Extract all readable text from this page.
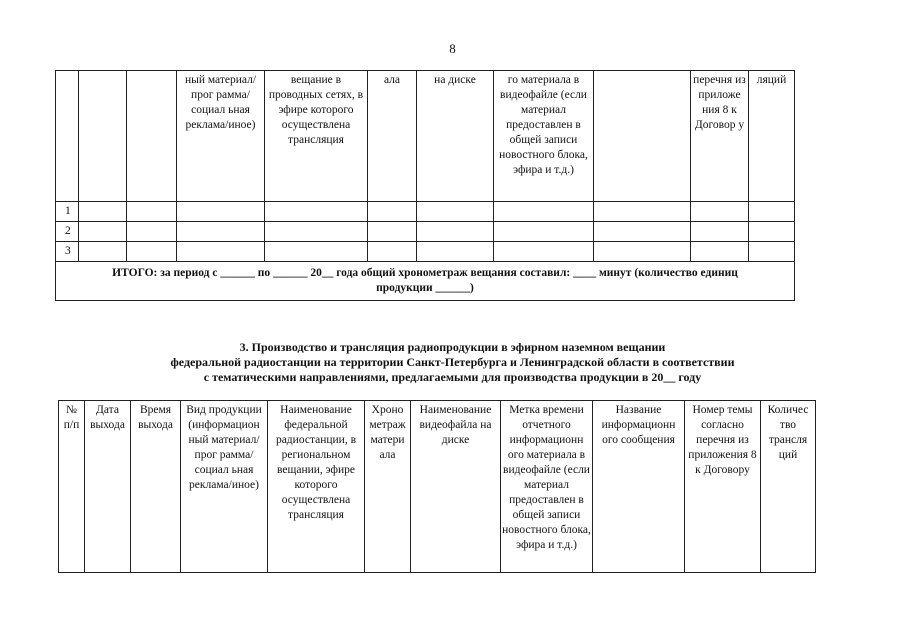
8
			ный материал/прог рамма/социал ьная реклама/иное)	вещание в проводных сетях, в эфире которого осуществлена трансляция	ала	на диске	го материала в видеофайле (если материал предоставлен в общей записи новостного блока, эфира и т.д.)		перечня из приложе ния 8 к Договор у	ляций
1										
2										
3										

ИТОГО: за период с ______ по ______ 20__ года общий хронометраж вещания составил: ____ минут (количество единиц
продукции ______)										
3. Производство и трансляция радиопродукции в эфирном наземном вещании
федеральной радиостанции на территории Санкт-Петербурга и Ленинградской области в соответствии
с тематическими направлениями, предлагаемыми для производства продукции в 20__ году
№ п/п	Дата выхода	Время выхода	Вид продукции (информацион ный материал/прог рамма/социал ьная реклама/иное)	Наименование федеральной радиостанции, в региональном вещании, эфире которого осуществлена трансляция	Хроно метраж матери ала	Наименование видеофайла на диске	Метка времени отчетного информационн ого материала в видеофайле (если материал предоставлен в общей записи новостного блока, эфира и т.д.)	Название информационн ого сообщения	Номер темы согласно перечня из приложения 8 к Договору	Количес тво трансля ций
